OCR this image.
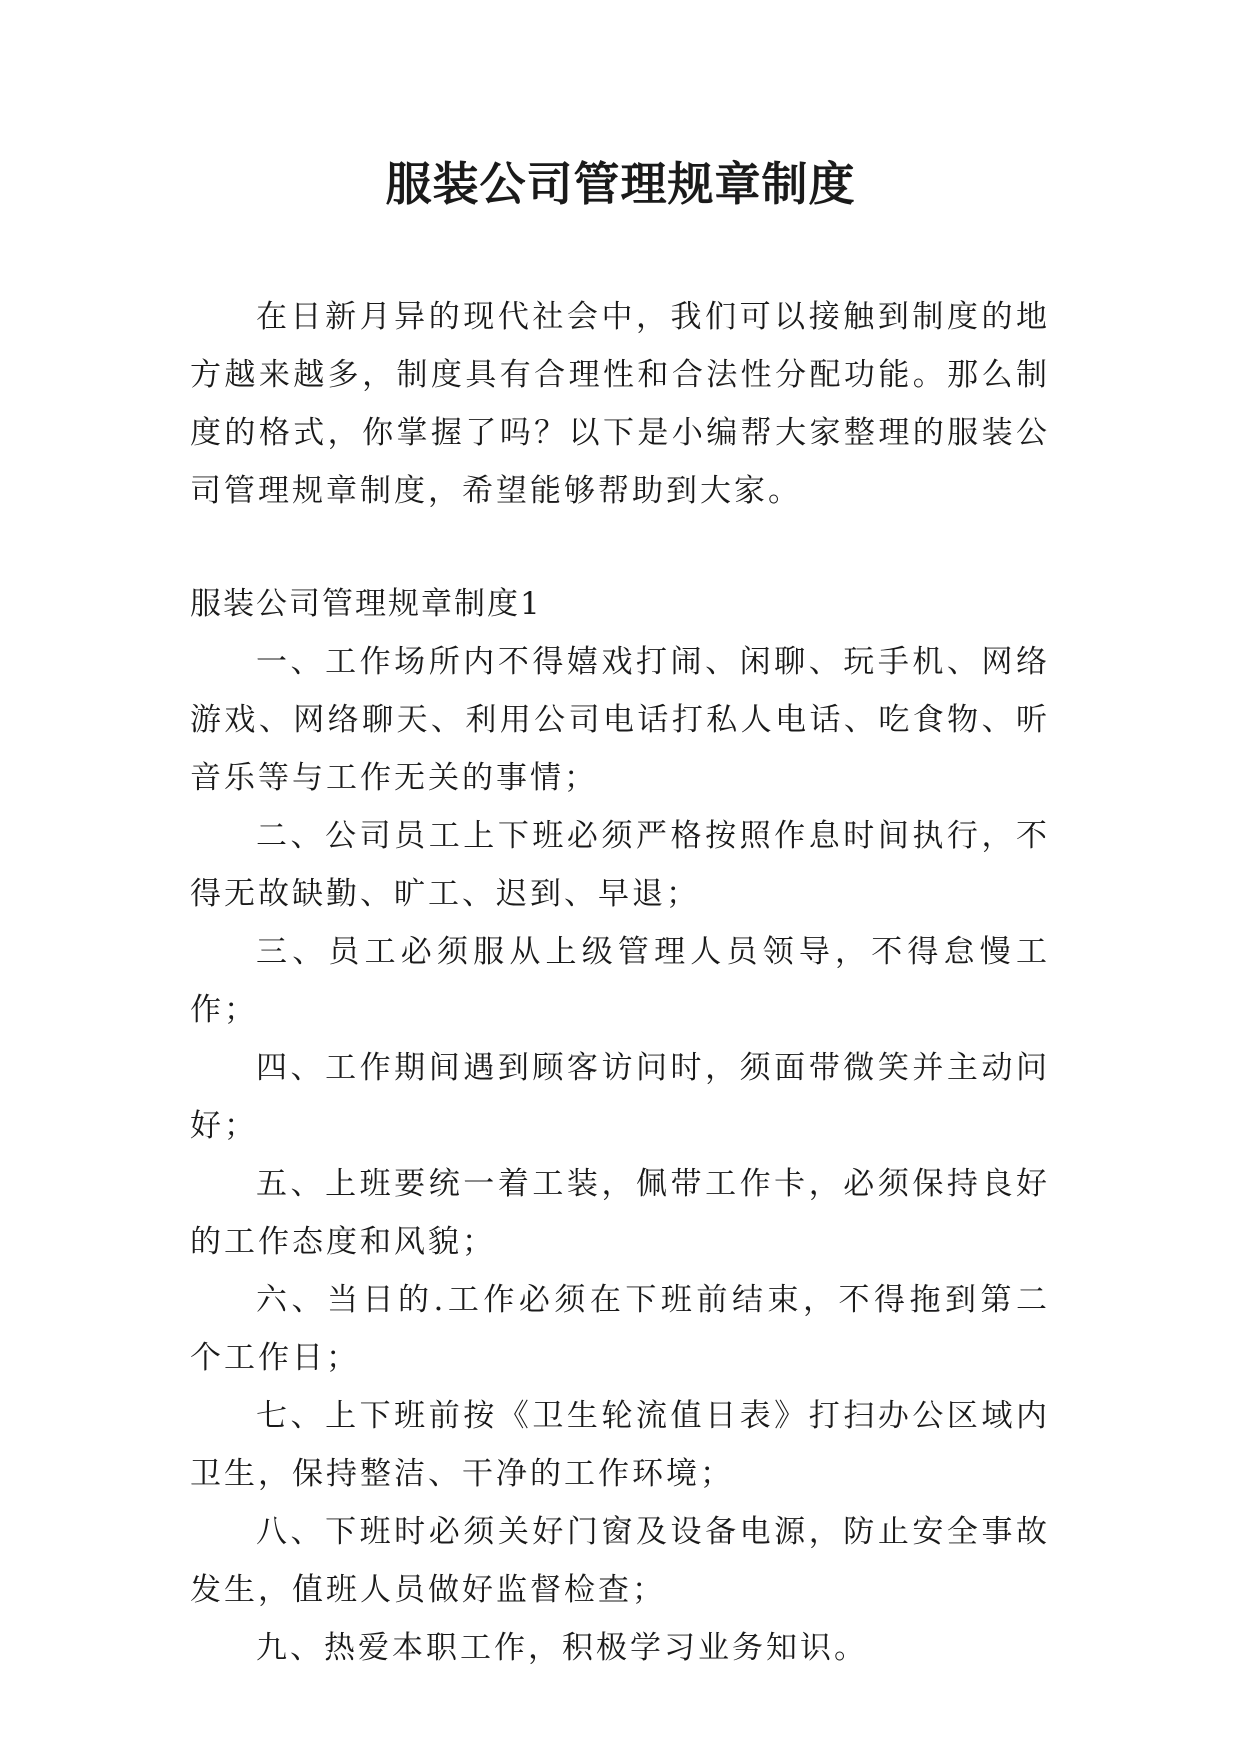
服装公司管理规章制度

在日新月异的现代社会中，我们可以接触到制度的地方越来越多，制度具有合理性和合法性分配功能。那么制度的格式，你掌握了吗？以下是小编帮大家整理的服装公司管理规章制度，希望能够帮助到大家。

服装公司管理规章制度1

一、工作场所内不得嬉戏打闹、闲聊、玩手机、网络游戏、网络聊天、利用公司电话打私人电话、吃食物、听音乐等与工作无关的事情；
二、公司员工上下班必须严格按照作息时间执行，不得无故缺勤、旷工、迟到、早退；
三、员工必须服从上级管理人员领导，不得怠慢工作；
四、工作期间遇到顾客访问时，须面带微笑并主动问好；
五、上班要统一着工装，佩带工作卡，必须保持良好的工作态度和风貌；
六、当日的.工作必须在下班前结束，不得拖到第二个工作日；
七、上下班前按《卫生轮流值日表》打扫办公区域内卫生，保持整洁、干净的工作环境；
八、下班时必须关好门窗及设备电源，防止安全事故发生，值班人员做好监督检查；
九、热爱本职工作，积极学习业务知识。
